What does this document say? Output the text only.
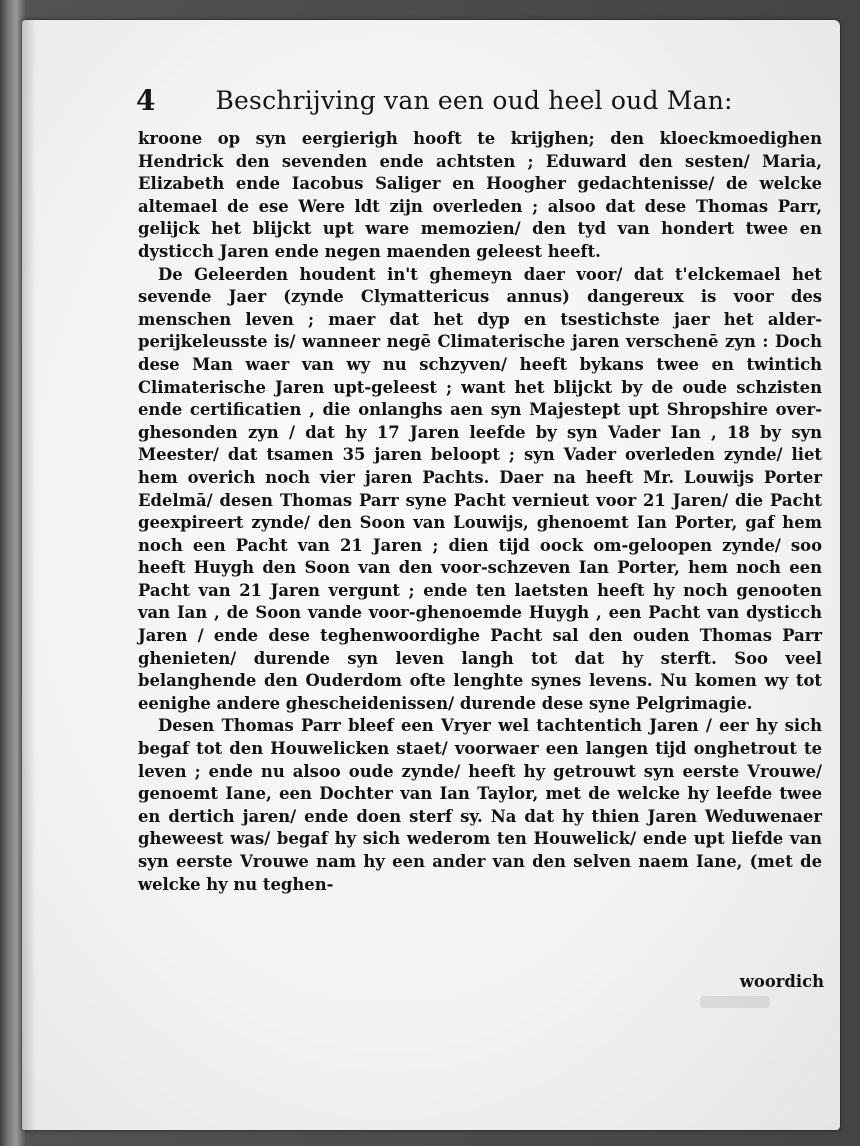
4 Beschrijving van een oud heel oud Man:

kroone op syn eergierigh hooft te krijghen; den kloeckmoedighen Hendrick den sevenden ende achtsten ; Eduward den sesten/ Maria, Elizabeth ende Iacobus Saliger en Hoogher gedachtenisse/ de welcke altemael de ese Were ldt zijn overleden ; alsoo dat dese Thomas Parr, gelijck het blijckt upt ware memozien/ den tyd van hondert twee en dysticch Jaren ende negen maenden geleest heeft.

De Geleerden houdent in't ghemeyn daer voor/ dat t'elckemael het sevende Jaer (zynde Clymattericus annus) dangereux is voor des menschen leven ; maer dat het dyp en tsestichste jaer het alder-perijkeleusste is/ wanneer negē Climaterische jaren verschenē zyn : Doch dese Man waer van wy nu schzyven/ heeft bykans twee en twintich Climaterische Jaren upt-geleest ; want het blijckt by de oude schzisten ende certificatien , die onlanghs aen syn Majestept upt Shropshire over-ghesonden zyn / dat hy 17 Jaren leefde by syn Vader Ian , 18 by syn Meester/ dat tsamen 35 jaren beloopt ; syn Vader overleden zynde/ liet hem overich noch vier jaren Pachts. Daer na heeft Mr. Louwijs Porter Edelmā/ desen Thomas Parr syne Pacht vernieut voor 21 Jaren/ die Pacht geexpireert zynde/ den Soon van Louwijs, ghenoemt Ian Porter, gaf hem noch een Pacht van 21 Jaren ; dien tijd oock om-geloopen zynde/ soo heeft Huygh den Soon van den voor-schzeven Ian Porter, hem noch een Pacht van 21 Jaren vergunt ; ende ten laetsten heeft hy noch genooten van Ian , de Soon vande voor-ghenoemde Huygh , een Pacht van dysticch Jaren / ende dese teghenwoordighe Pacht sal den ouden Thomas Parr ghenieten/ durende syn leven langh tot dat hy sterft. Soo veel belanghende den Ouderdom ofte lenghte synes levens. Nu komen wy tot eenighe andere ghescheidenissen/ durende dese syne Pelgrimagie.

Desen Thomas Parr bleef een Vryer wel tachtentich Jaren / eer hy sich begaf tot den Houwelicken staet/ voorwaer een langen tijd onghetrout te leven ; ende nu alsoo oude zynde/ heeft hy getrouwt syn eerste Vrouwe/ genoemt Iane, een Dochter van Ian Taylor, met de welcke hy leefde twee en dertich jaren/ ende doen sterf sy. Na dat hy thien Jaren Weduwenaer gheweest was/ begaf hy sich wederom ten Houwelick/ ende upt liefde van syn eerste Vrouwe nam hy een ander van den selven naem Iane, (met de welcke hy nu teghen-

woordich
